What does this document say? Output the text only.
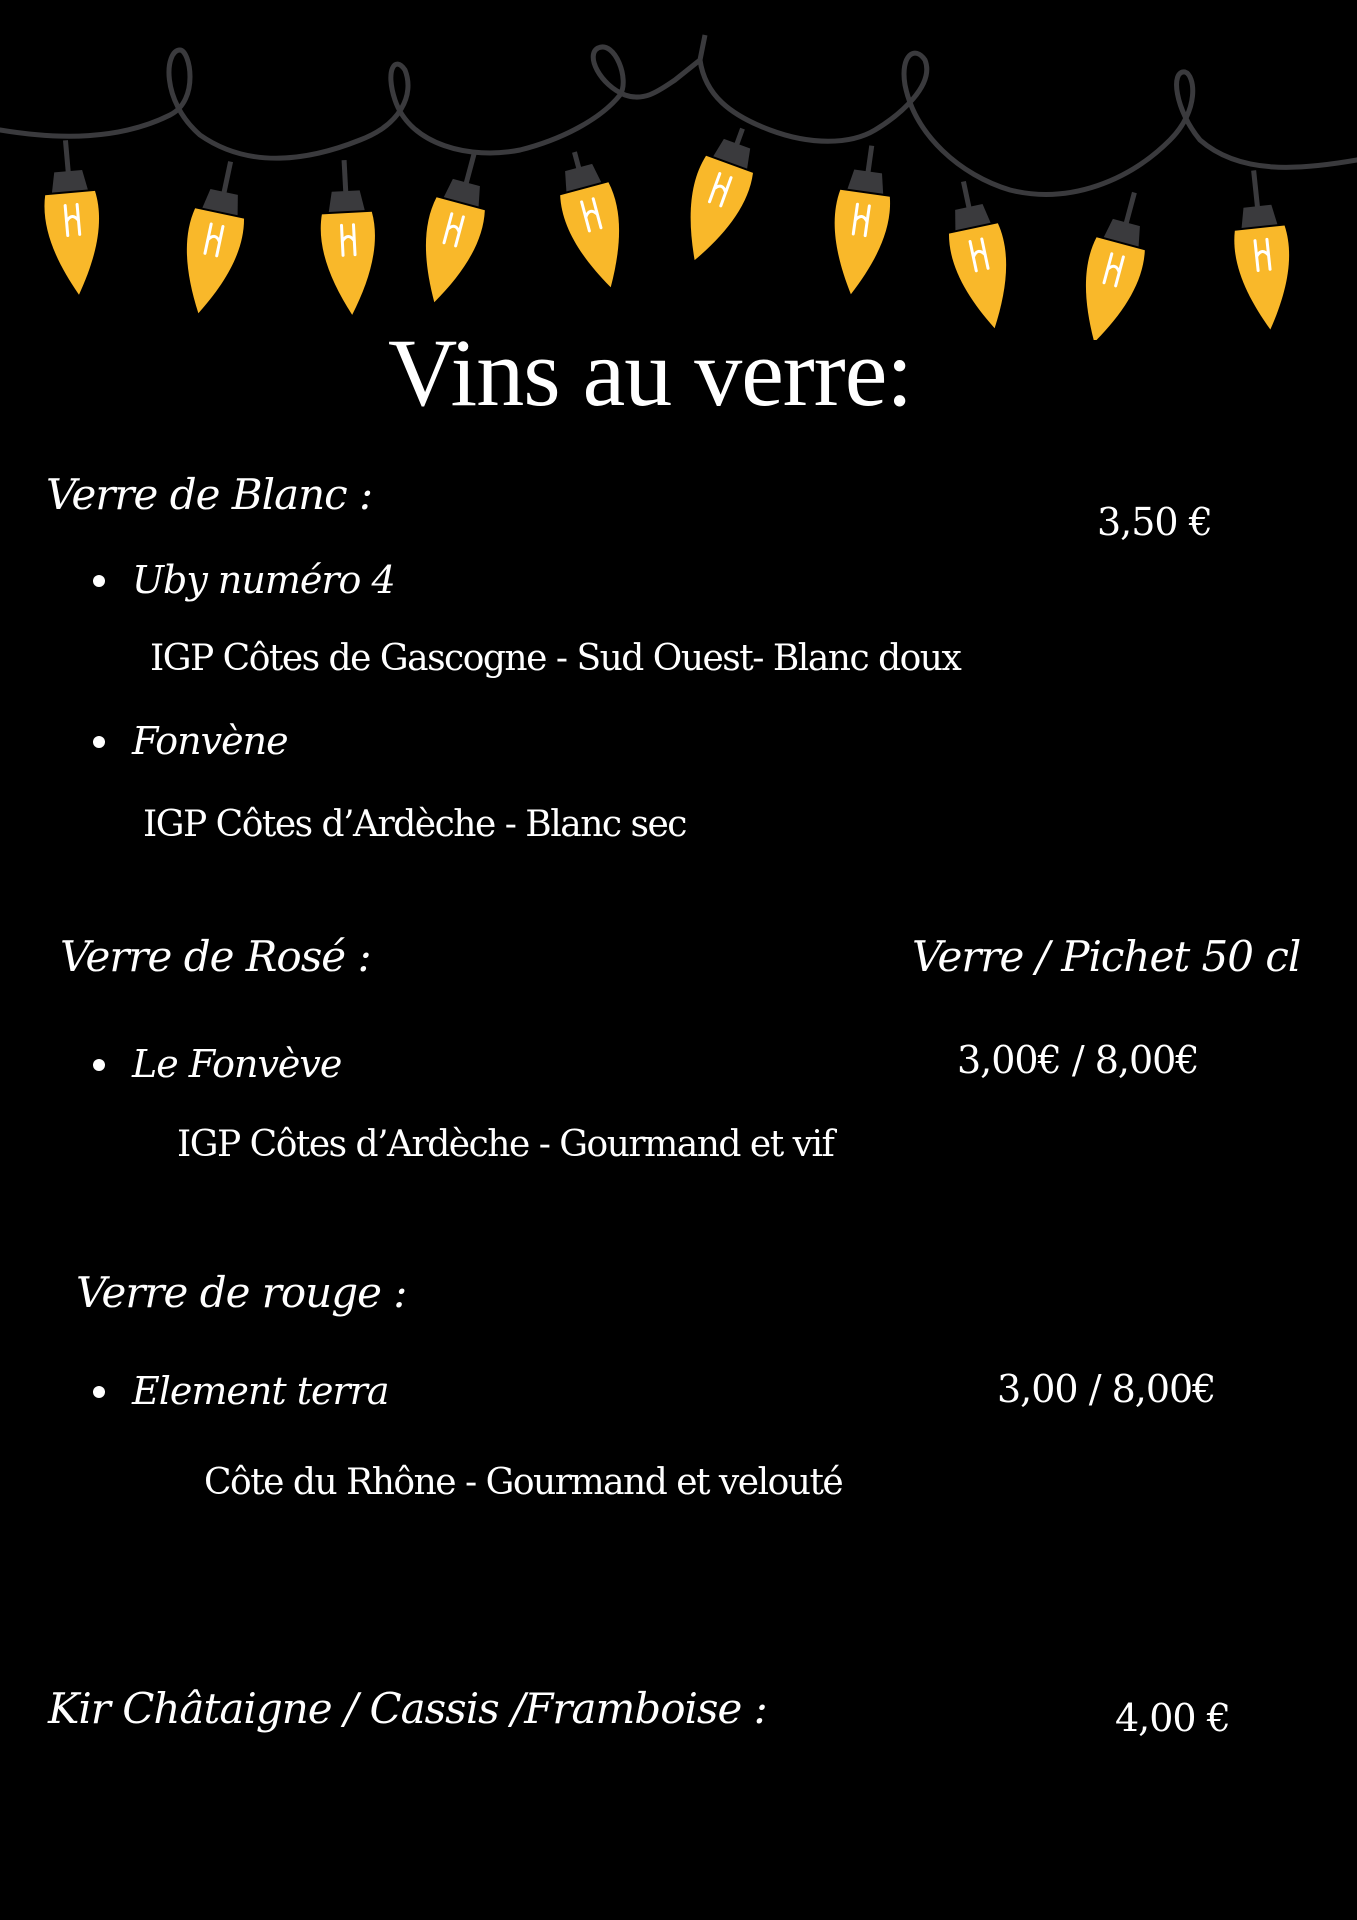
Vins au verre:
Verre de Blanc :
3,50 €
Uby numéro 4
IGP Côtes de Gascogne - Sud Ouest- Blanc doux
Fonvène
IGP Côtes d’Ardèche - Blanc sec
Verre de Rosé :	Verre / Pichet 50 cl
Le Fonvève	3,00€ / 8,00€
IGP Côtes d’Ardèche - Gourmand et vif
Verre de rouge :
Element terra	3,00 / 8,00€
Côte du Rhône - Gourmand et velouté
Kir Châtaigne / Cassis /Framboise :	4,00 €
